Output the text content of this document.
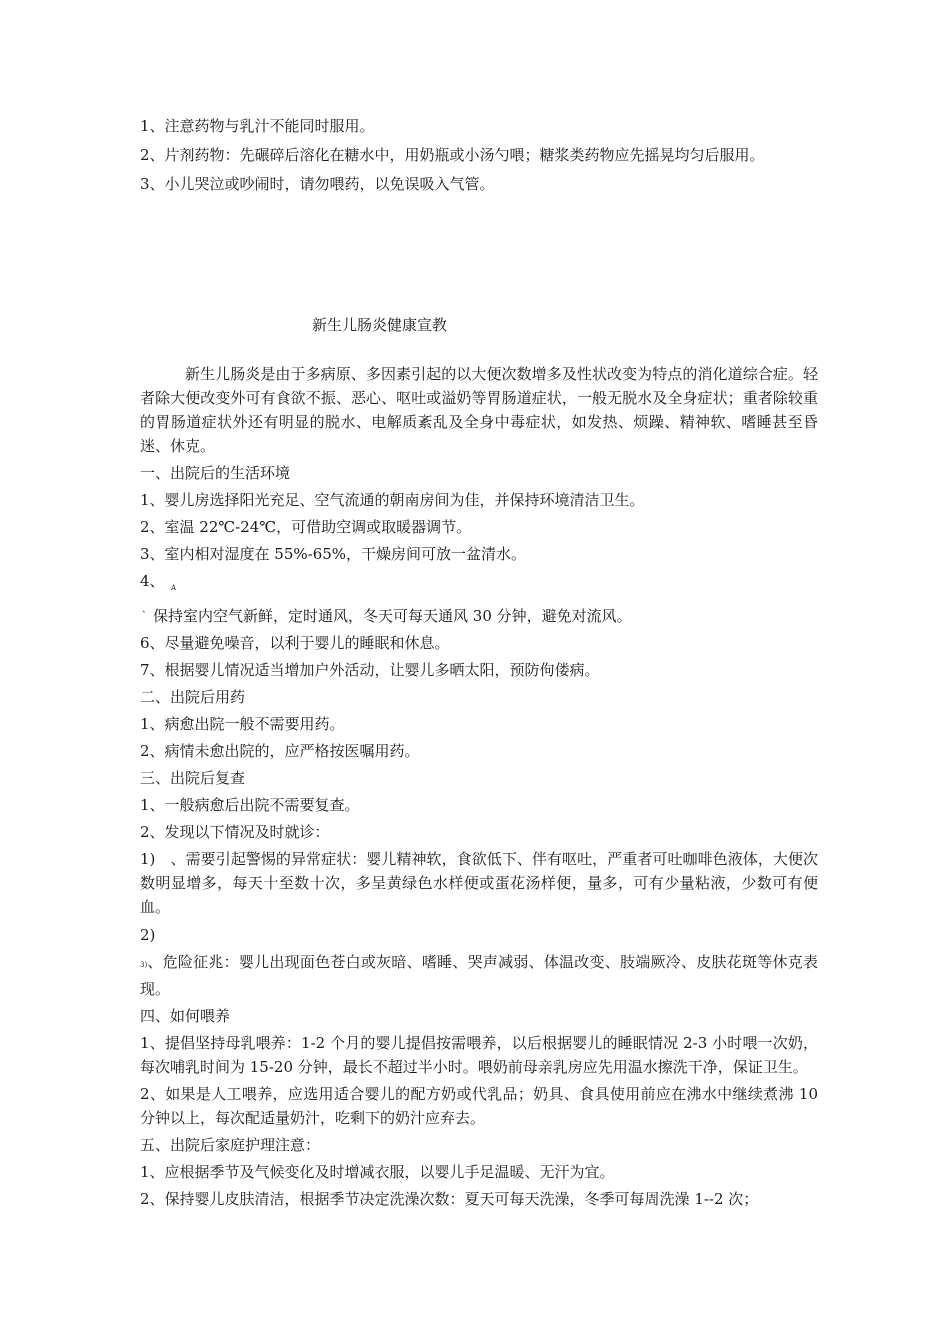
1、注意药物与乳汁不能同时服用。

2、片剂药物：先碾碎后溶化在糖水中，用奶瓶或小汤勺喂；糖浆类药物应先摇晃均匀后服用。

3、小儿哭泣或吵闹时，请勿喂药，以免误吸入气管。

新生儿肠炎健康宣教

新生儿肠炎是由于多病原、多因素引起的以大便次数增多及性状改变为特点的消化道综合症。轻者除大便改变外可有食欲不振、恶心、呕吐或溢奶等胃肠道症状，一般无脱水及全身症状；重者除较重的胃肠道症状外还有明显的脱水、电解质紊乱及全身中毒症状，如发热、烦躁、精神软、嗜睡甚至昏迷、休克。

一、出院后的生活环境

1、婴儿房选择阳光充足、空气流通的朝南房间为佳，并保持环境清洁卫生。

2、室温 22℃-24℃，可借助空调或取暖器调节。

3、室内相对湿度在 55%-65%，干燥房间可放一盆清水。

4、

保持室内空气新鲜，定时通风，冬天可每天通风 30 分钟，避免对流风。

6、尽量避免噪音，以利于婴儿的睡眠和休息。

7、根据婴儿情况适当增加户外活动，让婴儿多晒太阳，预防佝偻病。

二、出院后用药

1、病愈出院一般不需要用药。

2、病情未愈出院的，应严格按医嘱用药。

三、出院后复查

1、一般病愈后出院不需要复查。

2、发现以下情况及时就诊：

1)　、需要引起警惕的异常症状：婴儿精神软，食欲低下、伴有呕吐，严重者可吐咖啡色液体，大便次数明显增多，每天十至数十次，多呈黄绿色水样便或蛋花汤样便，量多，可有少量粘液，少数可有便血。

2)

3)、危险征兆：婴儿出现面色苍白或灰暗、嗜睡、哭声减弱、体温改变、肢端厥冷、皮肤花斑等休克表现。

四、如何喂养

1、提倡坚持母乳喂养：1-2 个月的婴儿提倡按需喂养，以后根据婴儿的睡眠情况 2-3 小时喂一次奶，每次哺乳时间为 15-20 分钟，最长不超过半小时。喂奶前母亲乳房应先用温水擦洗干净，保证卫生。

2、如果是人工喂养，应选用适合婴儿的配方奶或代乳品；奶具、食具使用前应在沸水中继续煮沸 10 分钟以上，每次配适量奶汁，吃剩下的奶汁应弃去。

五、出院后家庭护理注意：

1、应根据季节及气候变化及时增减衣服，以婴儿手足温暖、无汗为宜。

2、保持婴儿皮肤清洁，根据季节决定洗澡次数：夏天可每天洗澡，冬季可每周洗澡 1--2 次；

A
、
